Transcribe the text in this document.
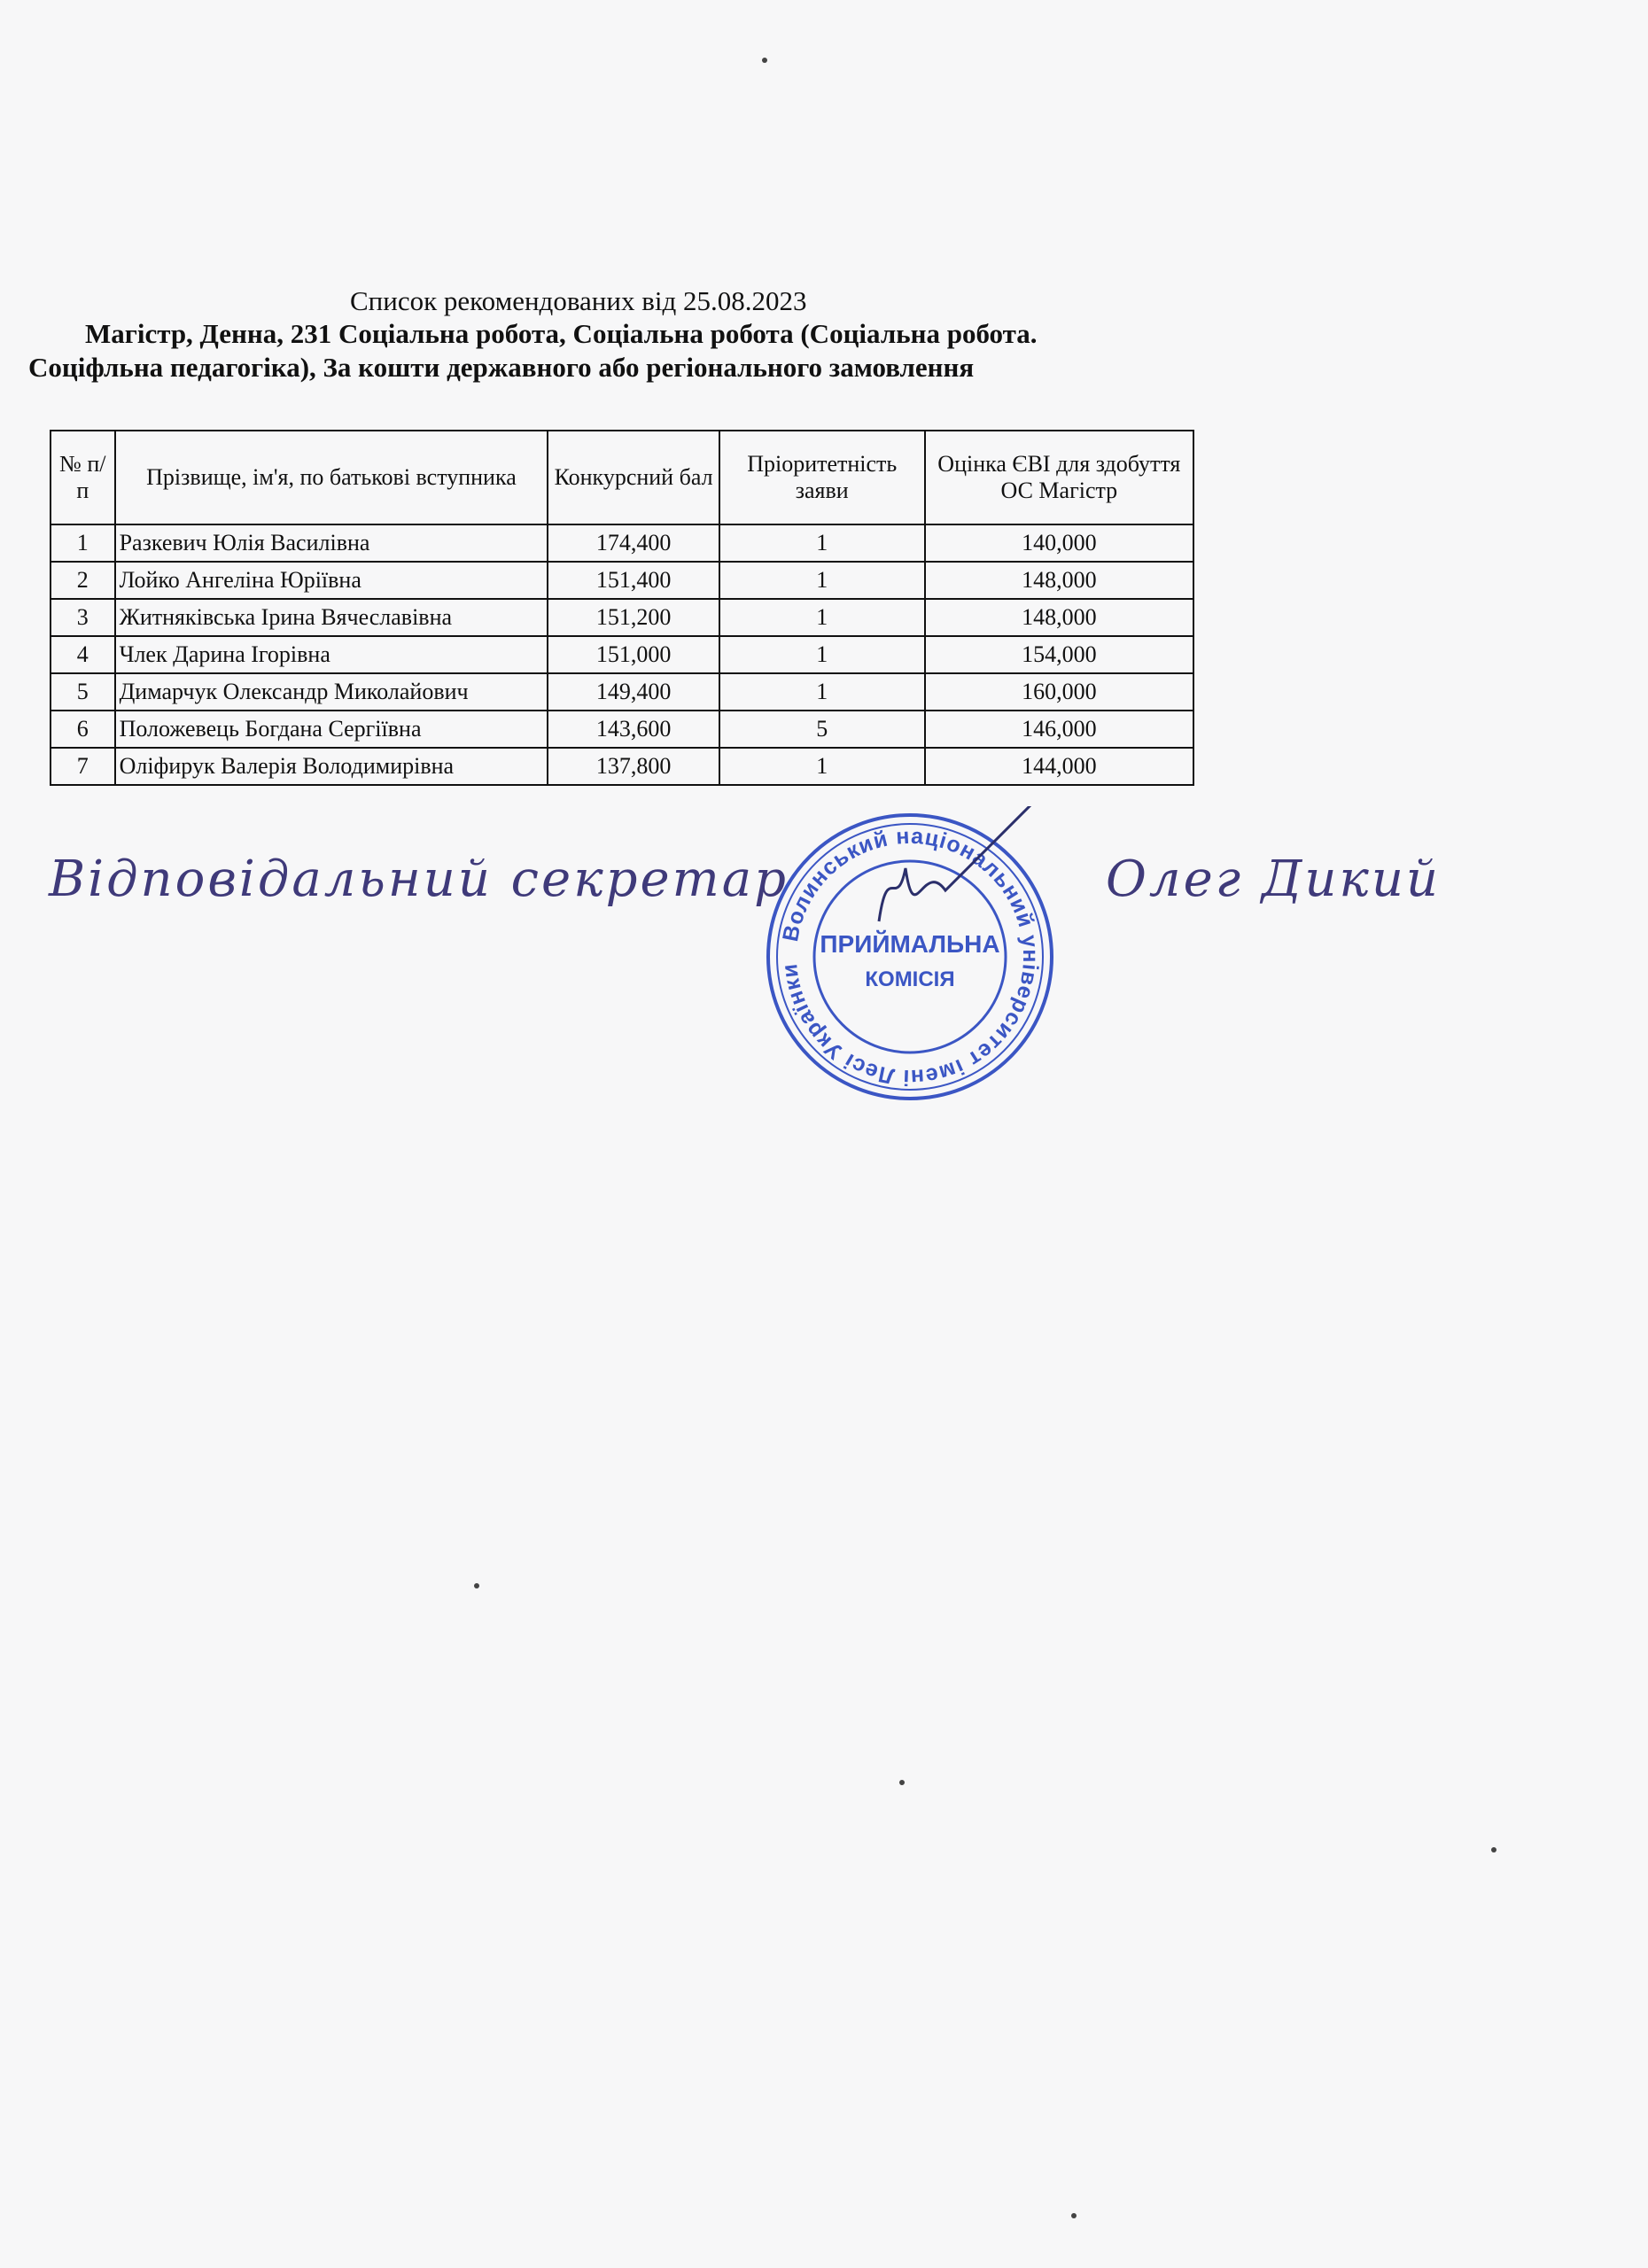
Список рекомендованих від 25.08.2023
Магістр, Денна, 231 Соціальна робота, Соціальна робота (Соціальна робота. Соціфльна педагогіка), За кошти державного або регіонального замовлення
№ п/п	Прізвище, ім'я, по батькові вступника	Конкурсний бал	Пріоритетність заяви	Оцінка ЄВІ для здобуття ОС Магістр
1	Разкевич Юлія Василівна	174,400	1	140,000
2	Лойко Ангеліна Юріївна	151,400	1	148,000
3	Житняківська Ірина Вячеславівна	151,200	1	148,000
4	Члек Дарина Ігорівна	151,000	1	154,000
5	Димарчук Олександр Миколайович	149,400	1	160,000
6	Положевець Богдана Сергіївна	143,600	5	146,000
7	Оліфирук Валерія Володимирівна	137,800	1	144,000
Відповідальний секретар	Олег Дикий
Волинський національний університет імені Лесі Українки
ПРИЙМАЛЬНА
КОМІСІЯ
